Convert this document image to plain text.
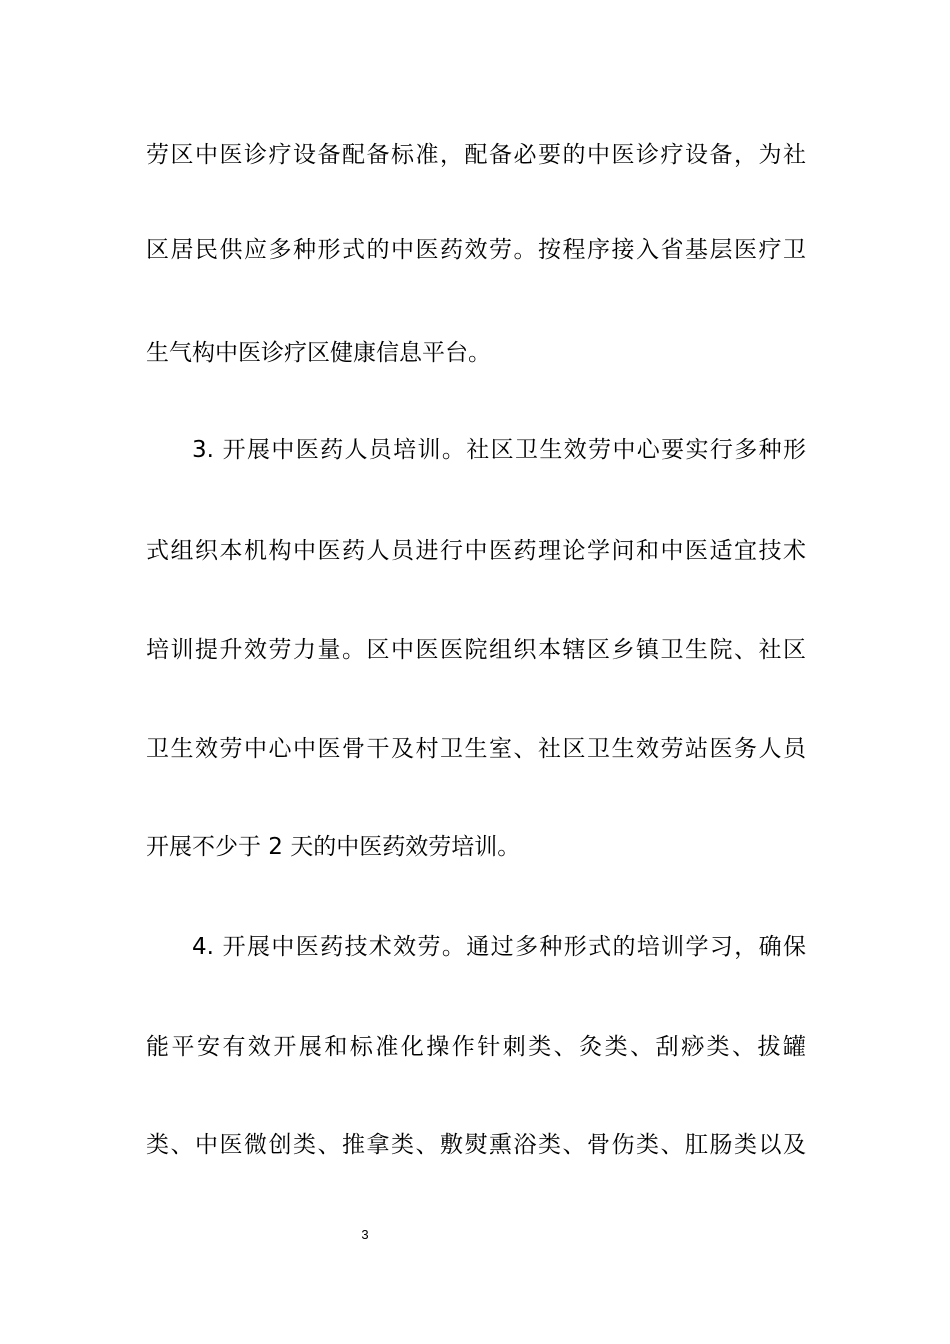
劳区中医诊疗设备配备标准，配备必要的中医诊疗设备，为社
区居民供应多种形式的中医药效劳。按程序接入省基层医疗卫
生气构中医诊疗区健康信息平台。
3. 开展中医药人员培训。社区卫生效劳中心要实行多种形
式组织本机构中医药人员进行中医药理论学问和中医适宜技术
培训提升效劳力量。区中医医院组织本辖区乡镇卫生院、社区
卫生效劳中心中医骨干及村卫生室、社区卫生效劳站医务人员
开展不少于 2 天的中医药效劳培训。
4. 开展中医药技术效劳。通过多种形式的培训学习，确保
能平安有效开展和标准化操作针刺类、灸类、刮痧类、拔罐
类、中医微创类、推拿类、敷熨熏浴类、骨伤类、肛肠类以及
3
